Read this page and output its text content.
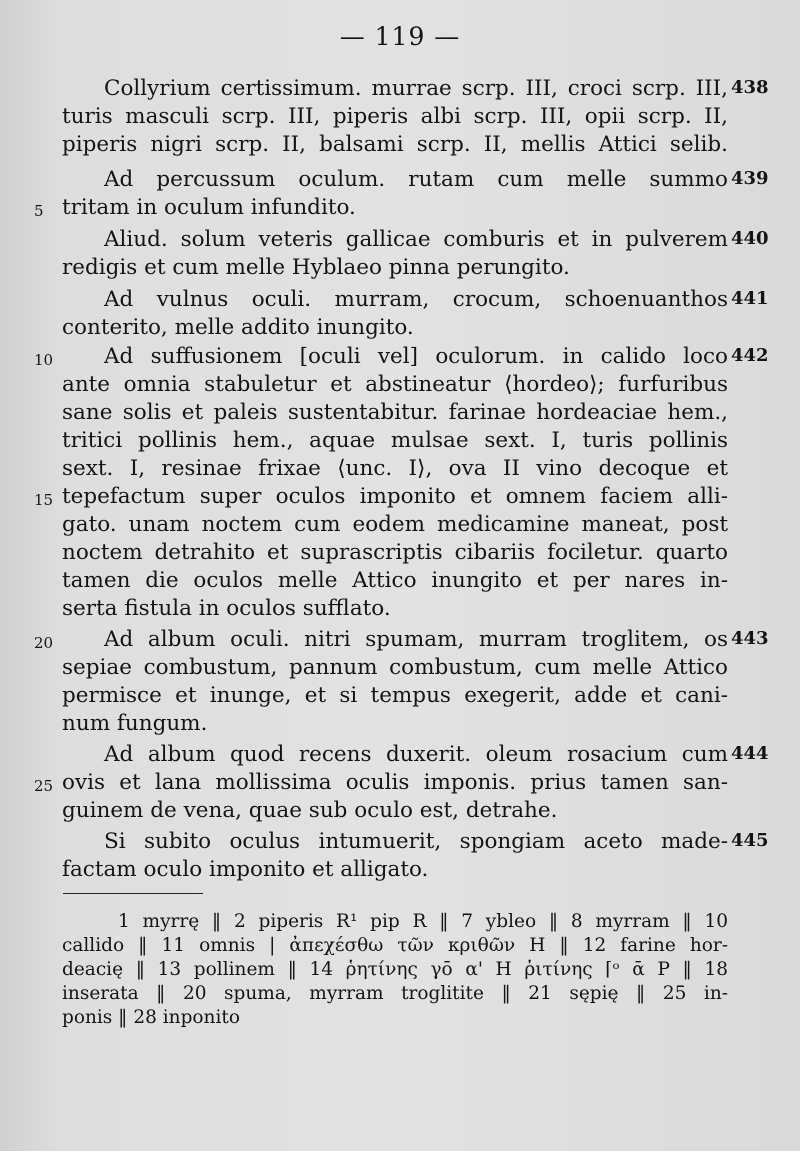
— 119 —
Collyrium certissimum. murrae scrp. III, croci scrp. III,
turis masculi scrp. III, piperis albi scrp. III, opii scrp. II,
piperis nigri scrp. II, balsami scrp. II, mellis Attici selib.
Ad percussum oculum. rutam cum melle summo
tritam in oculum infundito.
Aliud. solum veteris gallicae comburis et in pulverem
redigis et cum melle Hyblaeo pinna perungito.
Ad vulnus oculi. murram, crocum, schoenuanthos
conterito, melle addito inungito.
Ad suffusionem [oculi vel] oculorum. in calido loco
ante omnia stabuletur et abstineatur ⟨hordeo⟩; furfuribus
sane solis et paleis sustentabitur. farinae hordeaciae hem.,
tritici pollinis hem., aquae mulsae sext. I, turis pollinis
sext. I, resinae frixae ⟨unc. I⟩, ova II vino decoque et
tepefactum super oculos imponito et omnem faciem alli-
gato. unam noctem cum eodem medicamine maneat, post
noctem detrahito et suprascriptis cibariis fociletur. quarto
tamen die oculos melle Attico inungito et per nares in-
serta fistula in oculos sufflato.
Ad album oculi. nitri spumam, murram troglitem, os
sepiae combustum, pannum combustum, cum melle Attico
permisce et inunge, et si tempus exegerit, adde et cani-
num fungum.
Ad album quod recens duxerit. oleum rosacium cum
ovis et lana mollissima oculis imponis. prius tamen san-
guinem de vena, quae sub oculo est, detrahe.
Si subito oculus intumuerit, spongiam aceto made-
factam oculo imponito et alligato.
5
10
15
20
25
438
439
440
441
442
443
444
445
1 myrrę ‖ 2 piperis R¹ pip R ‖ 7 ybleo ‖ 8 myrram ‖ 10
callido ‖ 11 omnis | ἀπεχέσθω τῶν κριθῶν H ‖ 12 farine hor-
deacię ‖ 13 pollinem ‖ 14 ῥητίνης γō α' H ῥιτίνης ⌈ᵒ ᾱ P ‖ 18
inserata ‖ 20 spuma, myrram troglitite ‖ 21 sępię ‖ 25 in-
ponis ‖ 28 inponito
